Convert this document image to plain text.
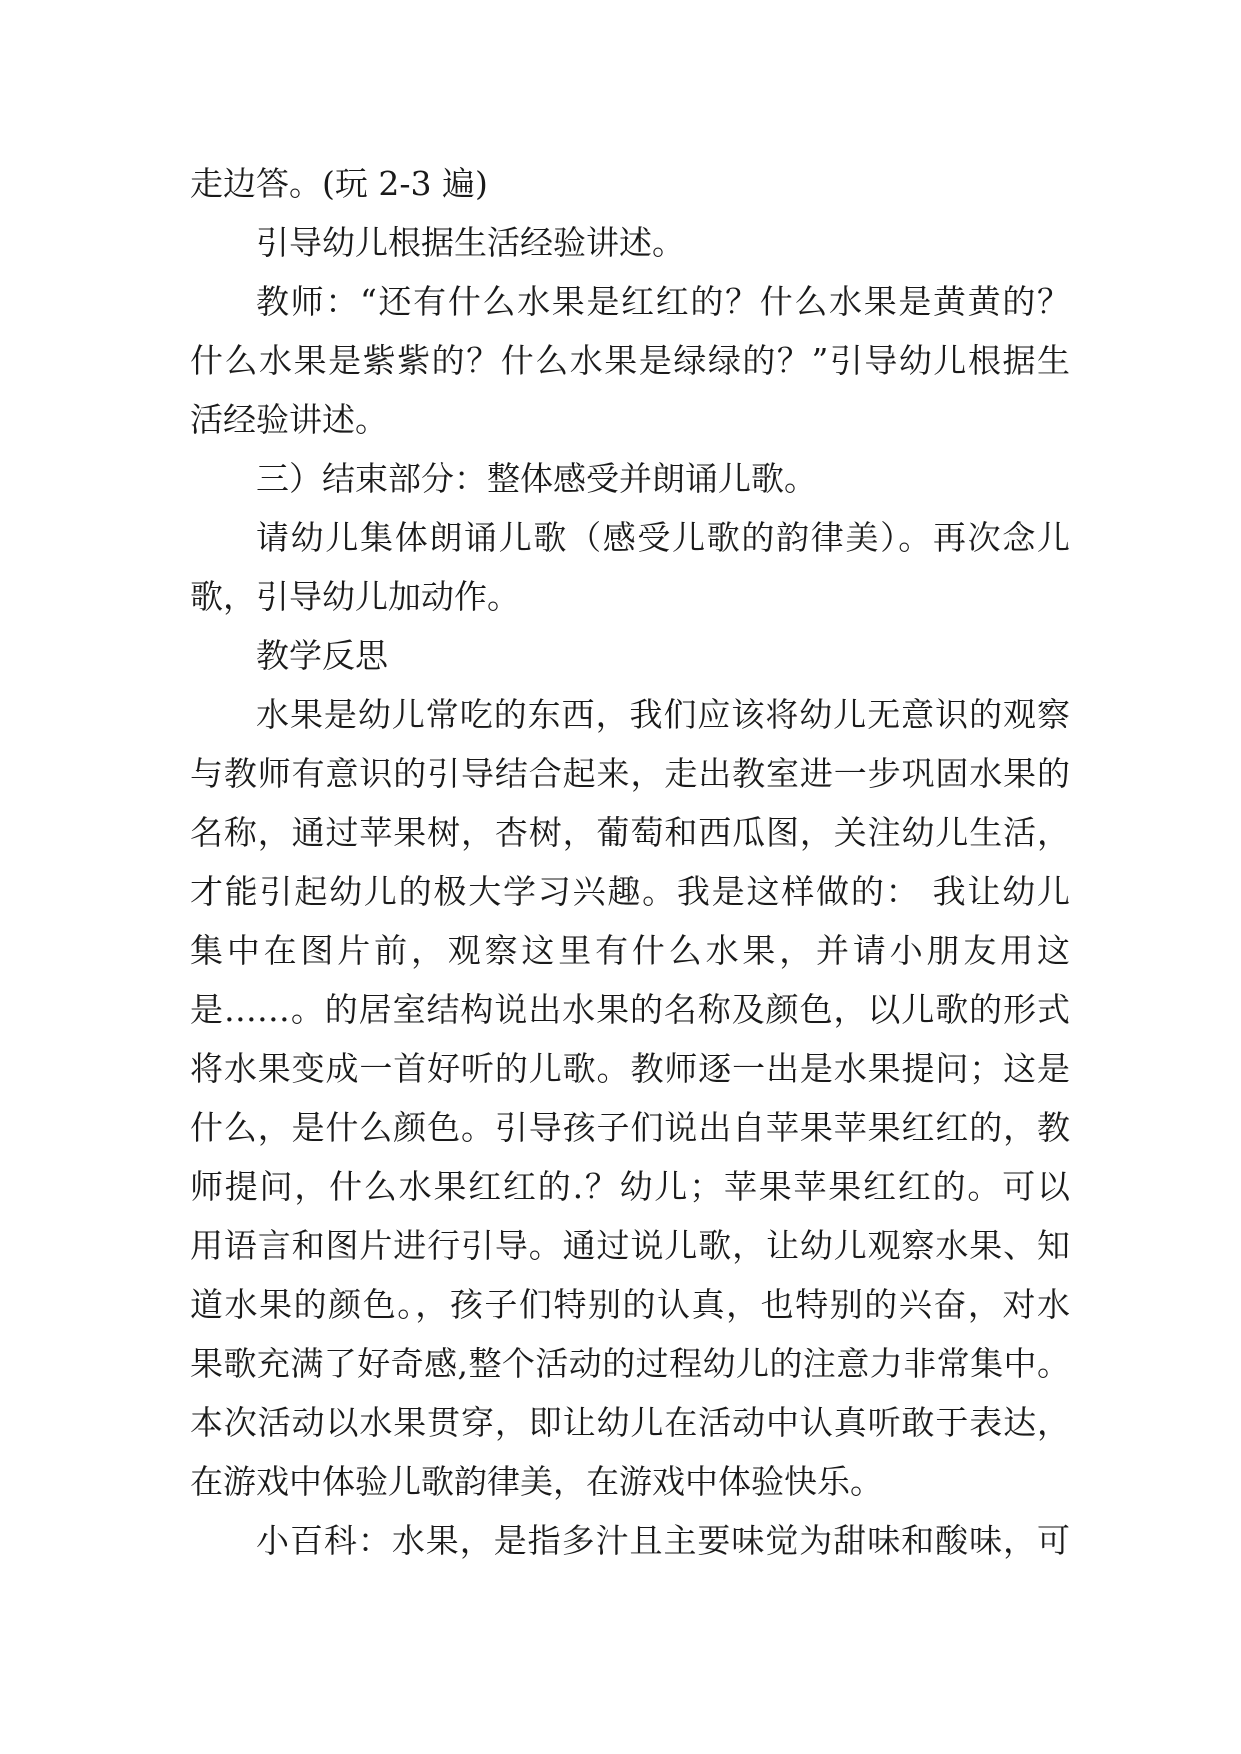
走边答。(玩 2-3 遍)
引导幼儿根据生活经验讲述。
教师：“还有什么水果是红红的？什么水果是黄黄的？
什么水果是紫紫的？什么水果是绿绿的？”引导幼儿根据生
活经验讲述。
三）结束部分：整体感受并朗诵儿歌。
请幼儿集体朗诵儿歌（感受儿歌的韵律美）。再次念儿
歌，引导幼儿加动作。
教学反思
水果是幼儿常吃的东西，我们应该将幼儿无意识的观察
与教师有意识的引导结合起来，走出教室进一步巩固水果的
名称，通过苹果树，杏树，葡萄和西瓜图，关注幼儿生活，
才能引起幼儿的极大学习兴趣。我是这样做的： 我让幼儿
集中在图片前，观察这里有什么水果，并请小朋友用这
是……。的居室结构说出水果的名称及颜色，以儿歌的形式
将水果变成一首好听的儿歌。教师逐一出是水果提问；这是
什么，是什么颜色。引导孩子们说出自苹果苹果红红的，教
师提问，什么水果红红的.？幼儿；苹果苹果红红的。可以
用语言和图片进行引导。通过说儿歌，让幼儿观察水果、知
道水果的颜色。，孩子们特别的认真，也特别的兴奋，对水
果歌充满了好奇感,整个活动的过程幼儿的注意力非常集中。
本次活动以水果贯穿，即让幼儿在活动中认真听敢于表达，
在游戏中体验儿歌韵律美，在游戏中体验快乐。
小百科：水果，是指多汁且主要味觉为甜味和酸味，可
